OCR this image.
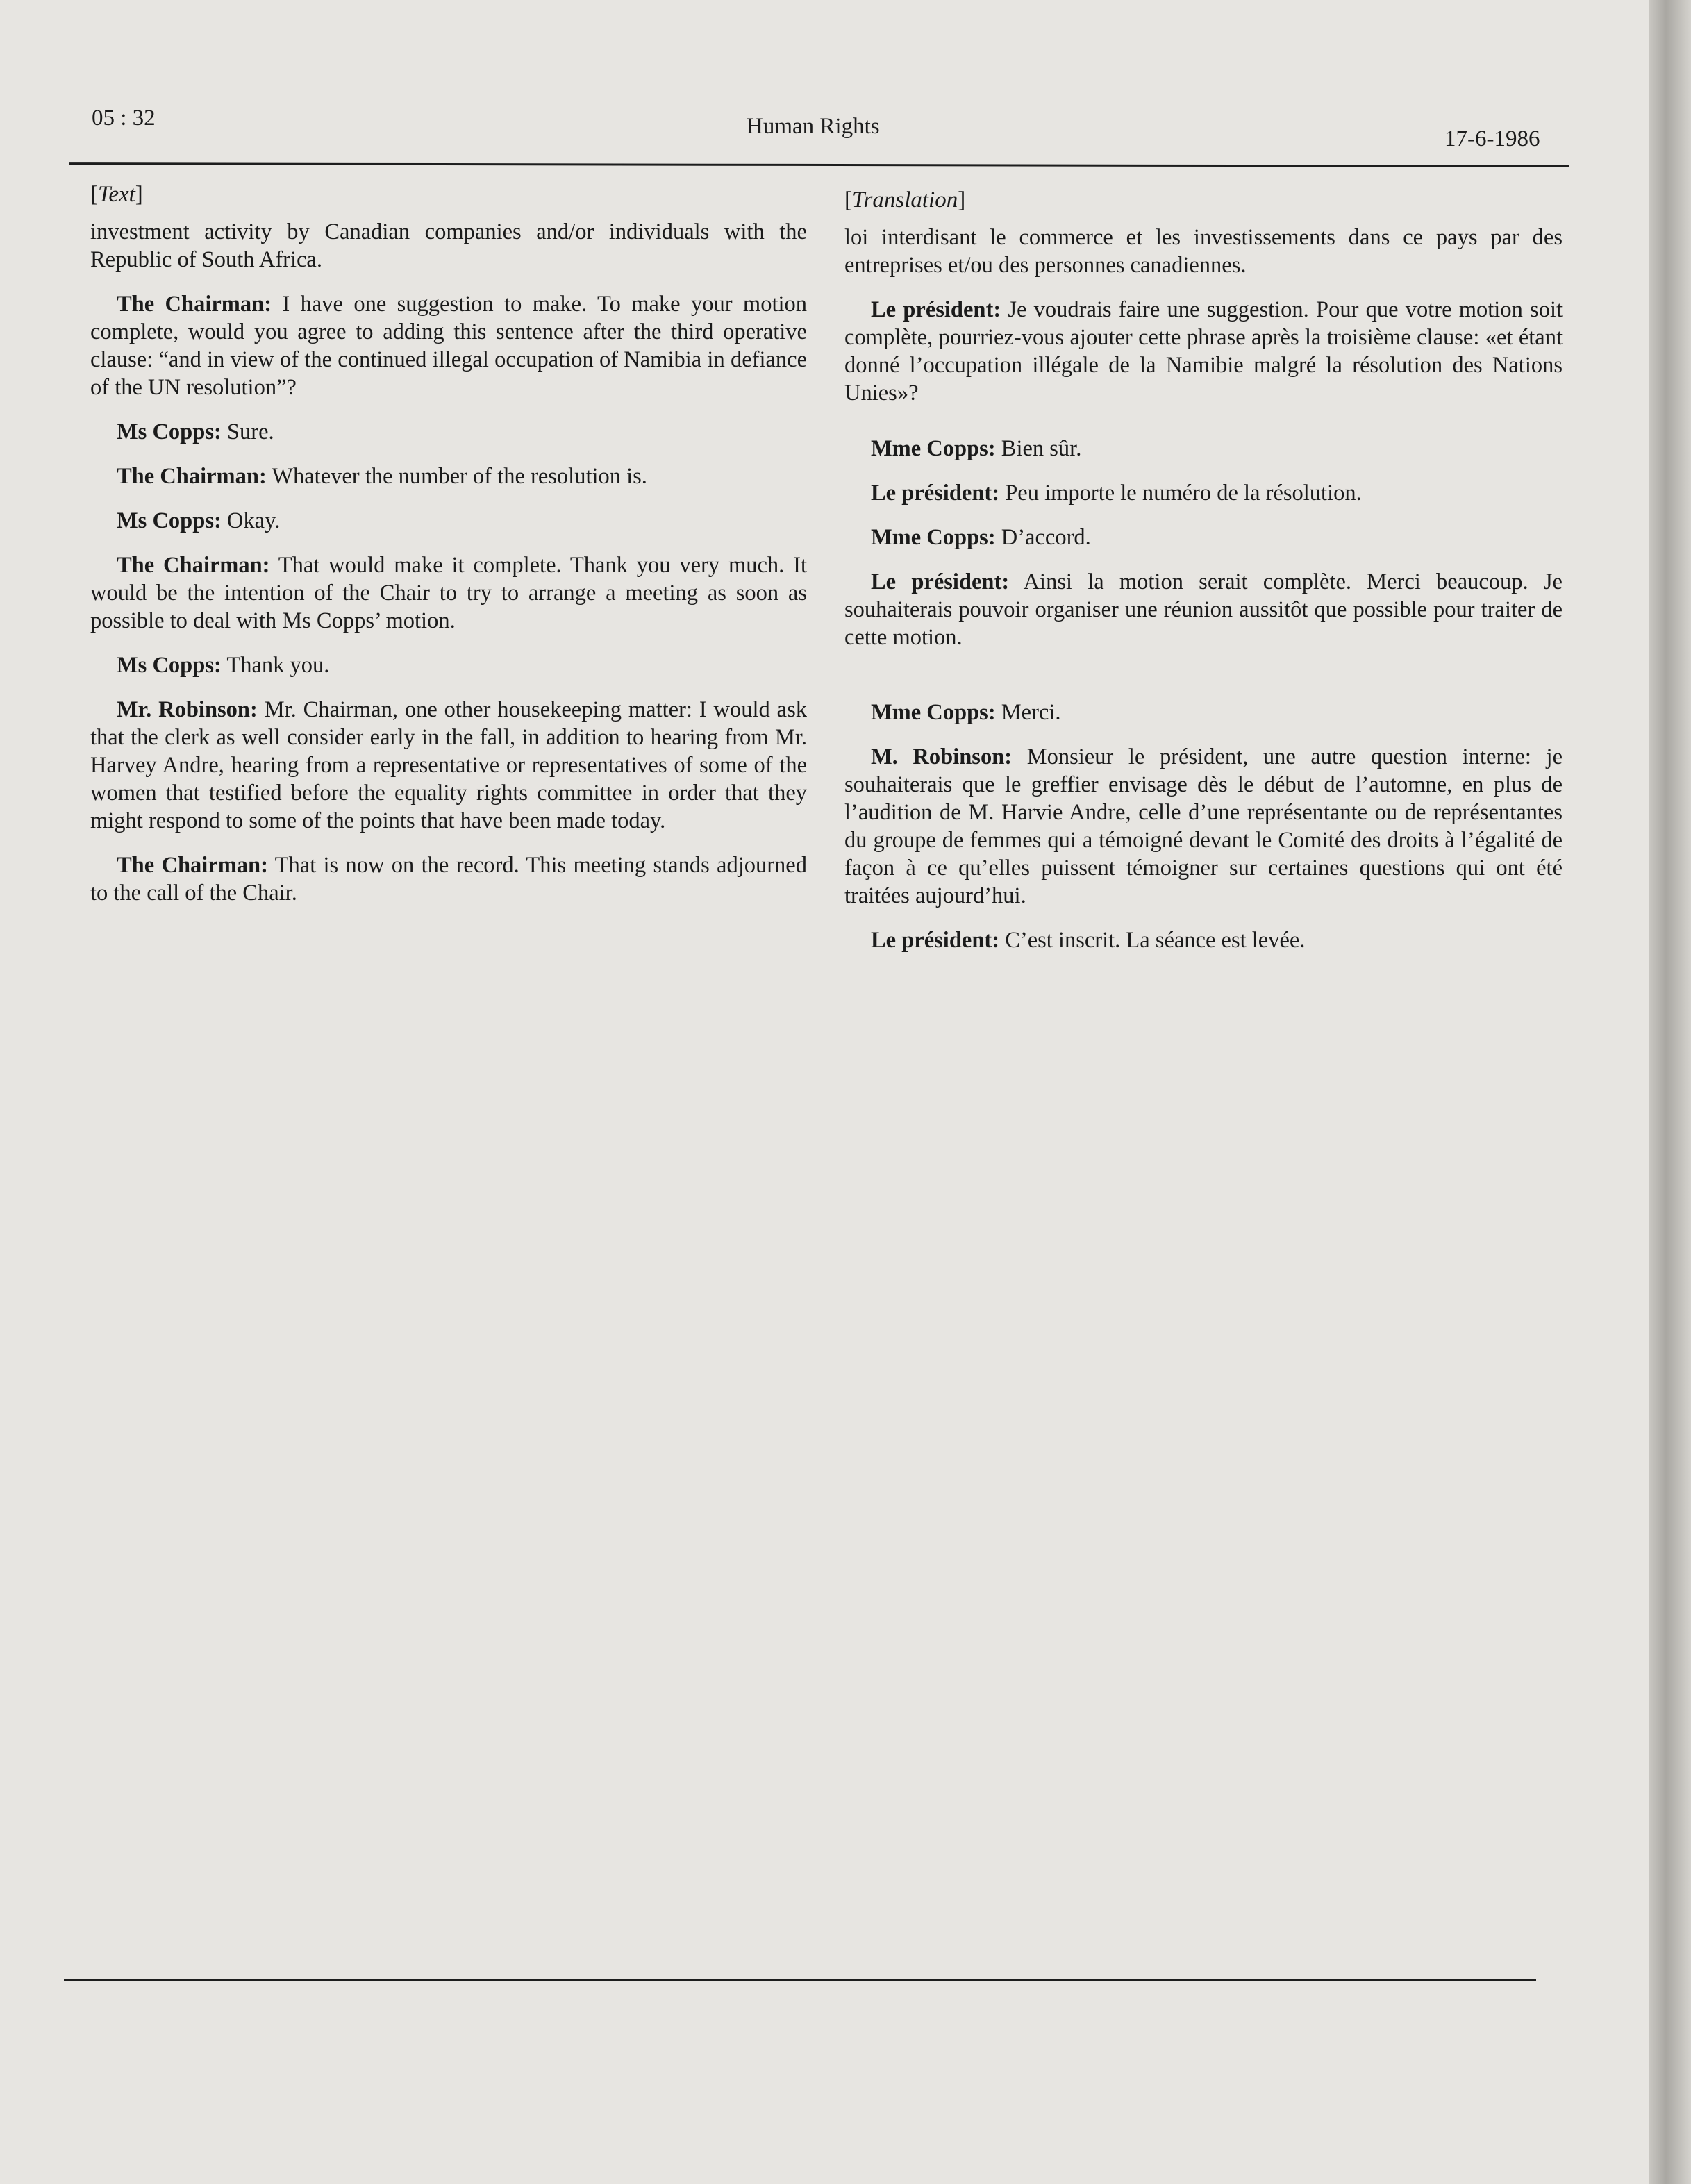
05 : 32	Human Rights	17-6-1986
[Text]

investment activity by Canadian companies and/or individuals with the Republic of South Africa.

The Chairman: I have one suggestion to make. To make your motion complete, would you agree to adding this sentence after the third operative clause: “and in view of the continued illegal occupation of Namibia in defiance of the UN resolution”?

Ms Copps: Sure.

The Chairman: Whatever the number of the resolution is.

Ms Copps: Okay.

The Chairman: That would make it complete. Thank you very much. It would be the intention of the Chair to try to arrange a meeting as soon as possible to deal with Ms Copps’ motion.

Ms Copps: Thank you.

Mr. Robinson: Mr. Chairman, one other housekeeping matter: I would ask that the clerk as well consider early in the fall, in addition to hearing from Mr. Harvey Andre, hearing from a representative or representatives of some of the women that testified before the equality rights committee in order that they might respond to some of the points that have been made today.

The Chairman: That is now on the record. This meeting stands adjourned to the call of the Chair.

[Translation]

loi interdisant le commerce et les investissements dans ce pays par des entreprises et/ou des personnes canadiennes.

Le président: Je voudrais faire une suggestion. Pour que votre motion soit complète, pourriez-vous ajouter cette phrase après la troisième clause: «et étant donné l’occupation illégale de la Namibie malgré la résolution des Nations Unies»?

Mme Copps: Bien sûr.

Le président: Peu importe le numéro de la résolution.

Mme Copps: D’accord.

Le président: Ainsi la motion serait complète. Merci beaucoup. Je souhaiterais pouvoir organiser une réunion aussitôt que possible pour traiter de cette motion.

Mme Copps: Merci.

M. Robinson: Monsieur le président, une autre question interne: je souhaiterais que le greffier envisage dès le début de l’automne, en plus de l’audition de M. Harvie Andre, celle d’une représentante ou de représentantes du groupe de femmes qui a témoigné devant le Comité des droits à l’égalité de façon à ce qu’elles puissent témoigner sur certaines questions qui ont été traitées aujourd’hui.

Le président: C’est inscrit. La séance est levée.
